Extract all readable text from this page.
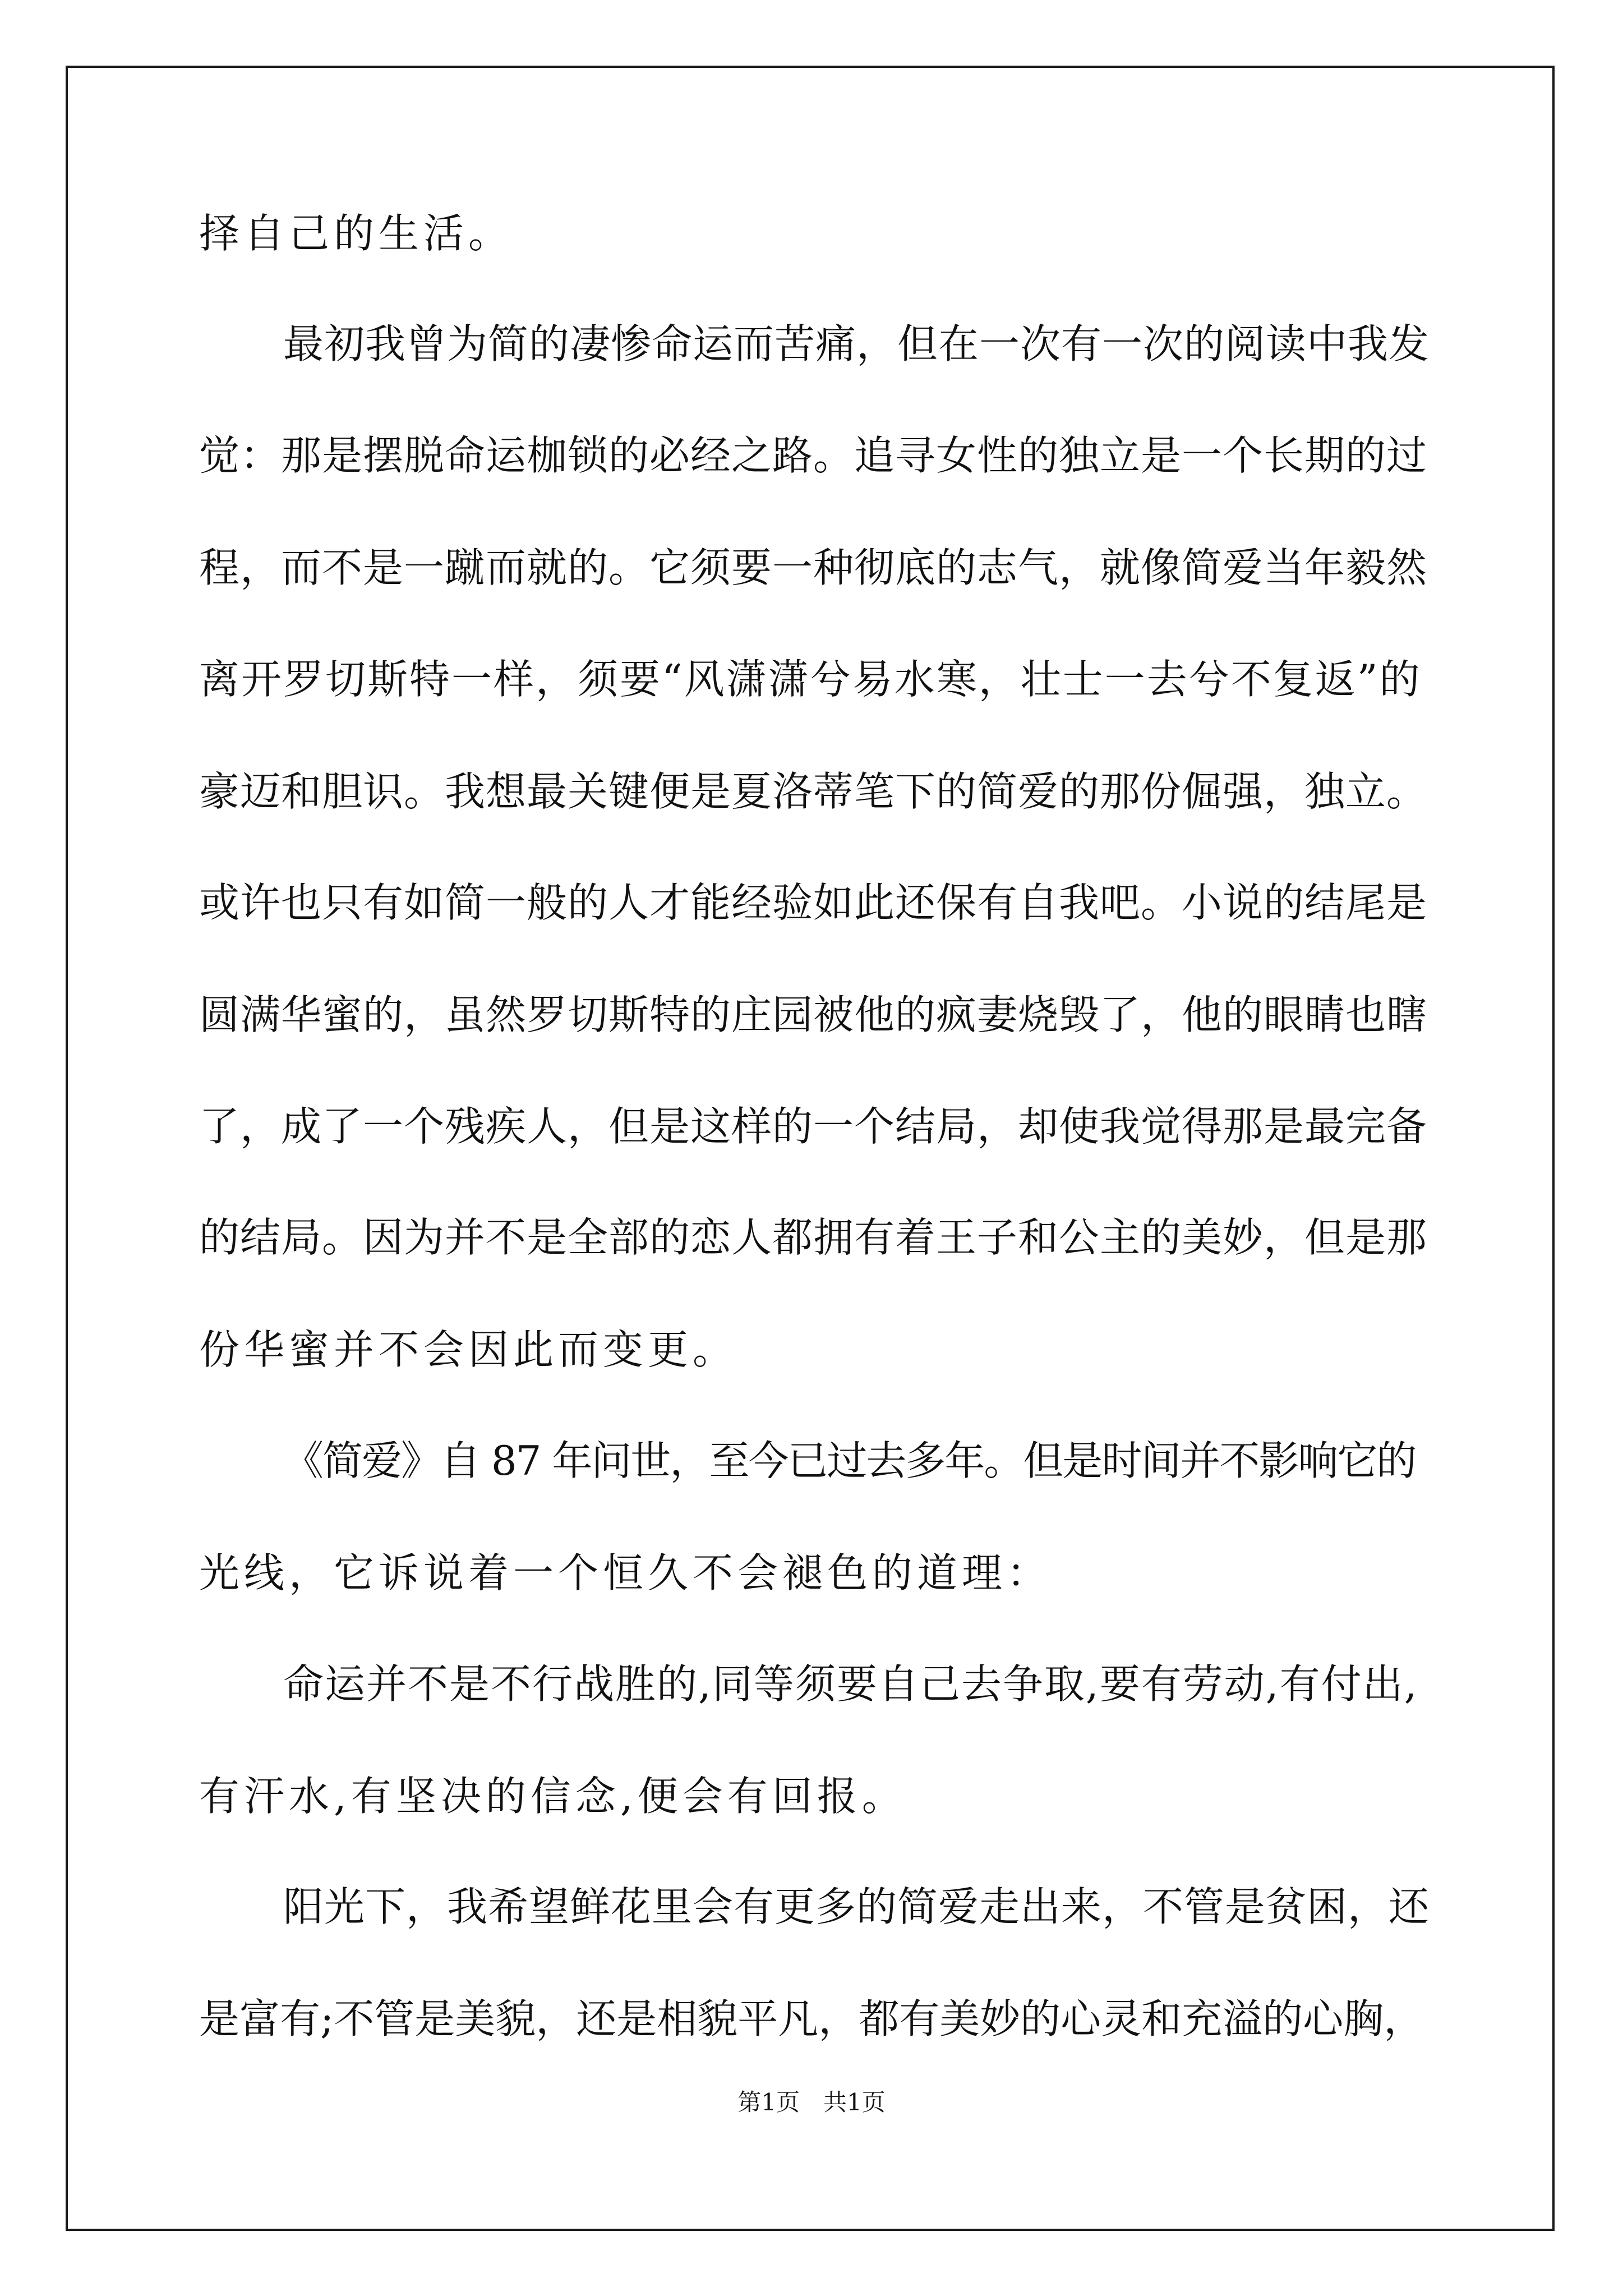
择自己的生活。
最初我曾为简的凄惨命运而苦痛，但在一次有一次的阅读中我发
觉：那是摆脱命运枷锁的必经之路。追寻女性的独立是一个长期的过
程，而不是一蹴而就的。它须要一种彻底的志气，就像简爱当年毅然
离开罗切斯特一样，须要“风潇潇兮易水寒，壮士一去兮不复返”的
豪迈和胆识。我想最关键便是夏洛蒂笔下的简爱的那份倔强，独立。
或许也只有如简一般的人才能经验如此还保有自我吧。小说的结尾是
圆满华蜜的，虽然罗切斯特的庄园被他的疯妻烧毁了，他的眼睛也瞎
了，成了一个残疾人，但是这样的一个结局，却使我觉得那是最完备
的结局。因为并不是全部的恋人都拥有着王子和公主的美妙，但是那
份华蜜并不会因此而变更。
《简爱》自 87 年问世，至今已过去多年。但是时间并不影响它的
光线，它诉说着一个恒久不会褪色的道理：
命运并不是不行战胜的,同等须要自己去争取,要有劳动,有付出,
有汗水,有坚决的信念,便会有回报。
阳光下，我希望鲜花里会有更多的简爱走出来，不管是贫困，还
是富有;不管是美貌，还是相貌平凡，都有美妙的心灵和充溢的心胸，
第1页　共1页
